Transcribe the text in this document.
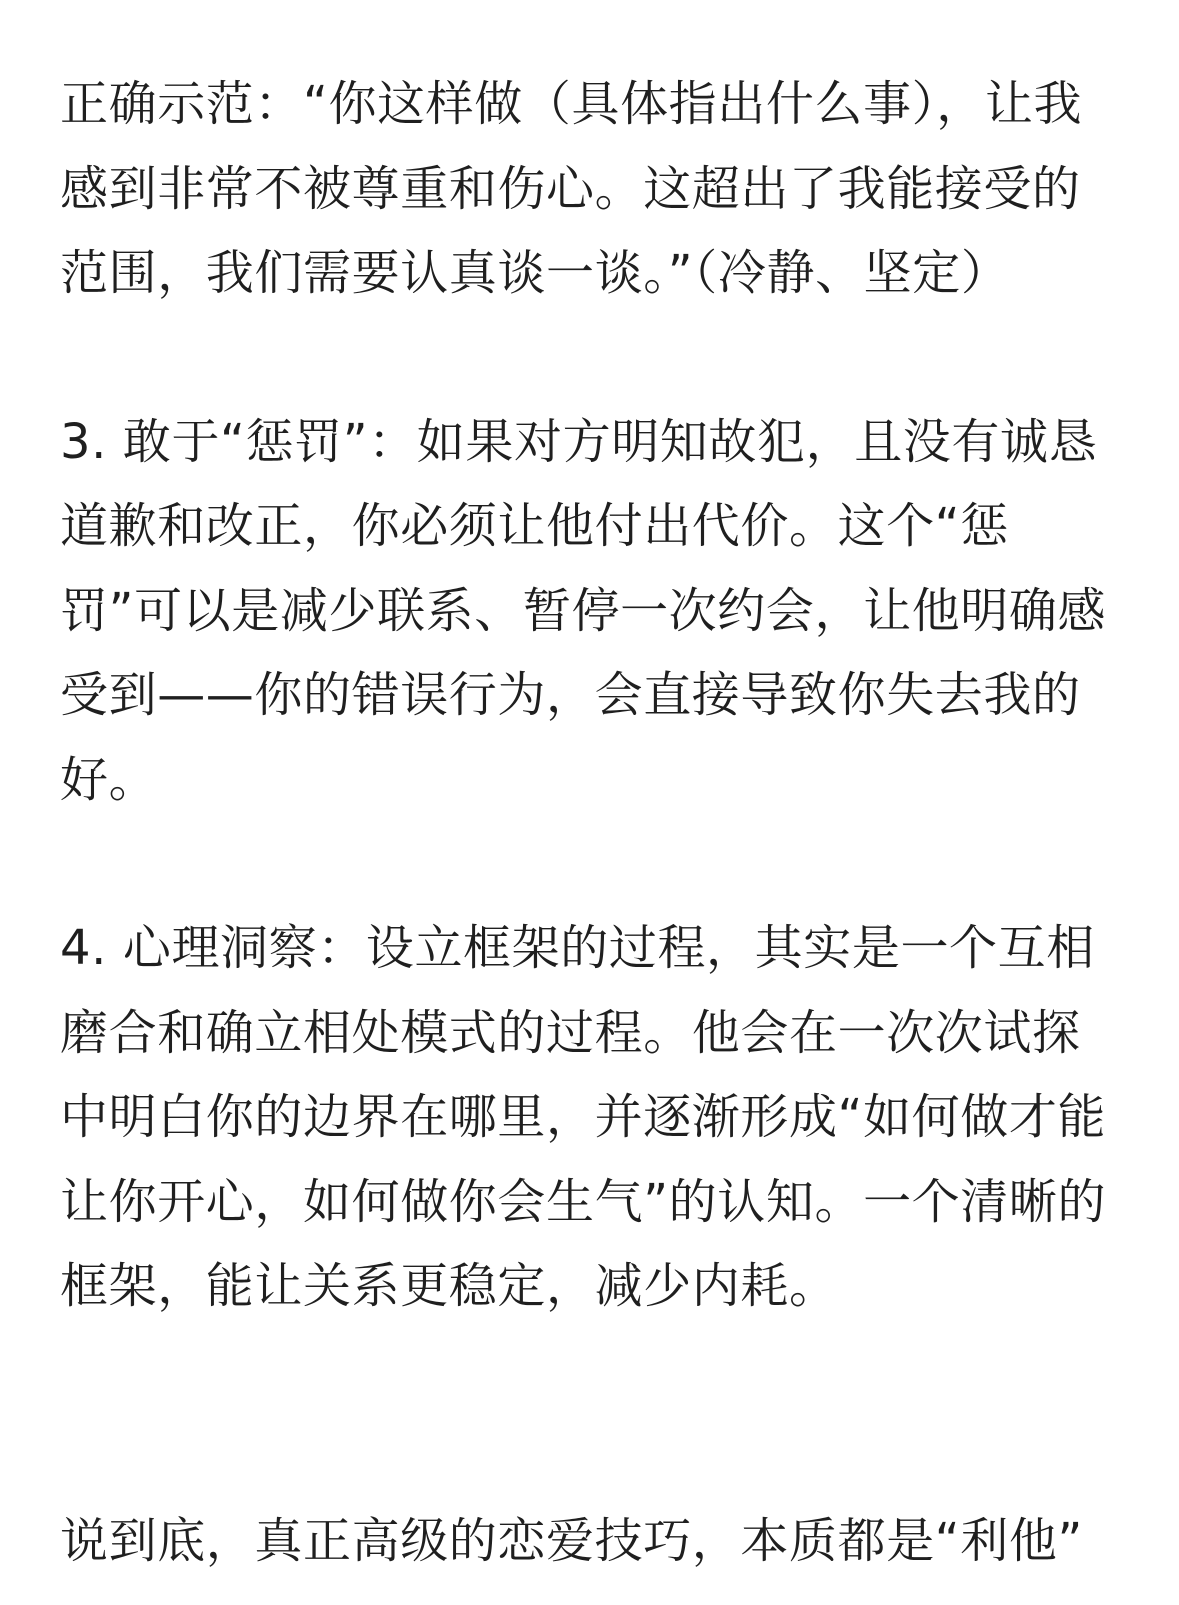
正确示范：“你这样做（具体指出什么事），让我感到非常不被尊重和伤心。这超出了我能接受的范围，我们需要认真谈一谈。”（冷静、坚定）

3. 敢于“惩罚”：如果对方明知故犯，且没有诚恳道歉和改正，你必须让他付出代价。这个“惩罚”可以是减少联系、暂停一次约会，让他明确感受到——你的错误行为，会直接导致你失去我的好。

4. 心理洞察：设立框架的过程，其实是一个互相磨合和确立相处模式的过程。他会在一次次试探中明白你的边界在哪里，并逐渐形成“如何做才能让你开心，如何做你会生气”的认知。一个清晰的框架，能让关系更稳定，减少内耗。

说到底，真正高级的恋爱技巧，本质都是“利他”
